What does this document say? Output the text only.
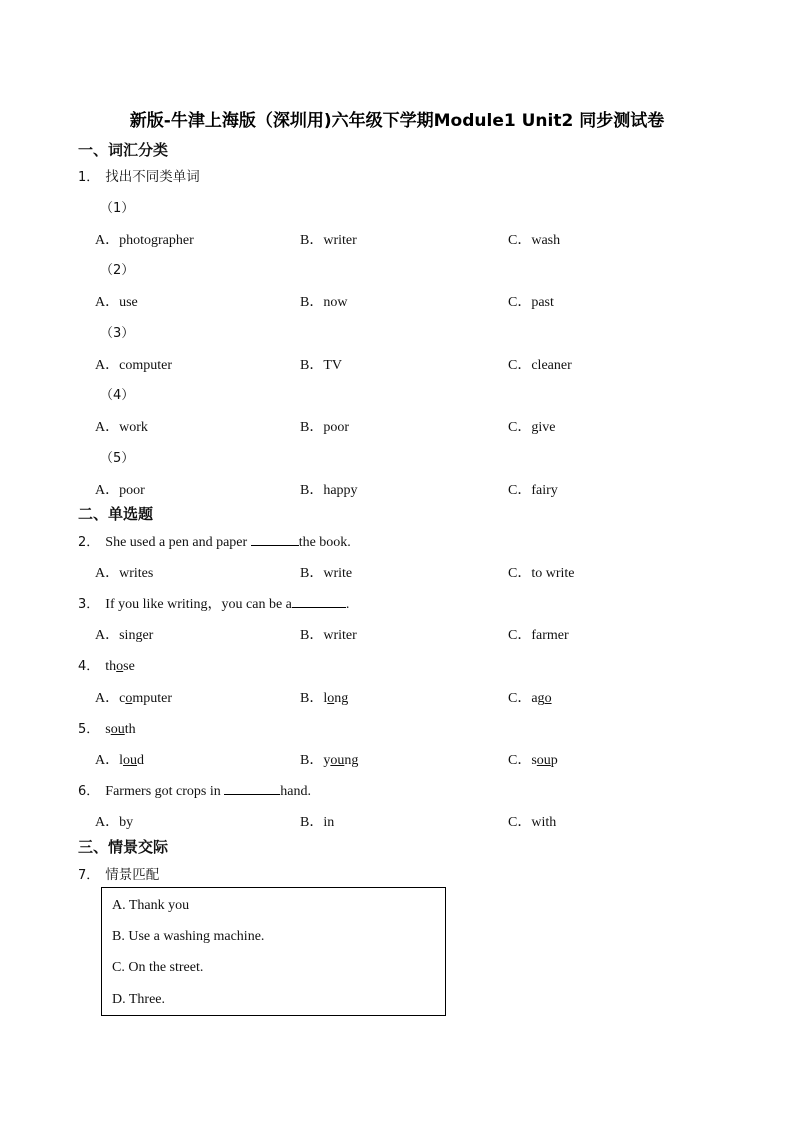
新版-牛津上海版（深圳用)六年级下学期Module1 Unit2 同步测试卷
一、词汇分类
1． 找出不同类单词
（1）
A．photographer	B．writer	C．wash
（2）
A．use	B．now	C．past
（3）
A．computer	B．TV	C．cleaner
（4）
A．work	B．poor	C．give
（5）
A．poor	B．happy	C．fairy
二、单选题
2． She used a pen and paper	the book.
A．writes	B．write	C．to write
3． If you like writing，you can be a	.
A．singer	B．writer	C．farmer
4． those
A．computer	B．long	C．ago
5． south
A．loud	B．young	C．soup
6． Farmers got crops in	hand.
A．by	B．in	C．with
三、情景交际
7． 情景匹配
A. Thank you
B. Use a washing machine.
C. On the street.
D. Three.
